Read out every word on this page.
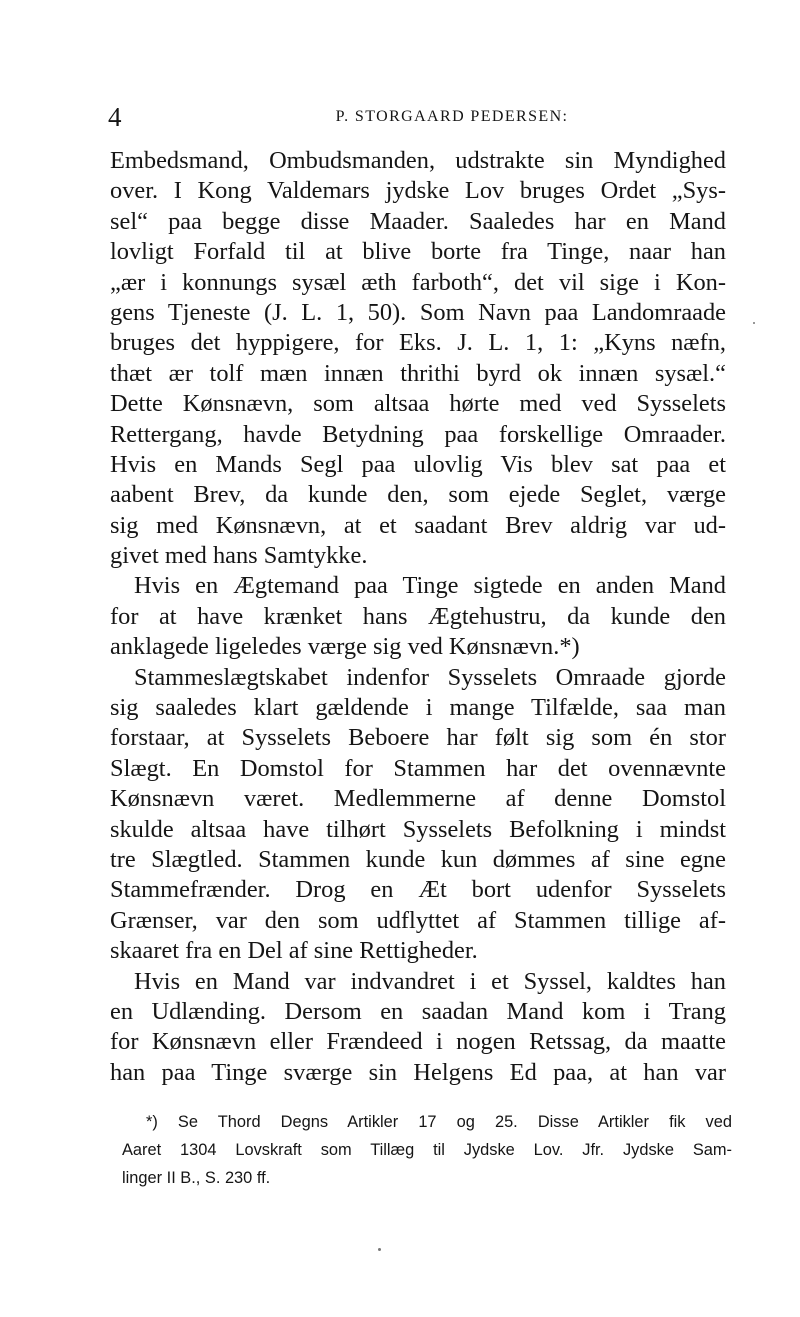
4	P. STORGAARD PEDERSEN:
Embedsmand, Ombudsmanden, udstrakte sin Myndighed
over. I Kong Valdemars jydske Lov bruges Ordet „Sys-
sel“ paa begge disse Maader. Saaledes har en Mand
lovligt Forfald til at blive borte fra Tinge, naar han
„ær i konnungs sysæl æth farboth“, det vil sige i Kon-
gens Tjeneste (J. L. 1, 50). Som Navn paa Landomraade
bruges det hyppigere, for Eks. J. L. 1, 1: „Kyns næfn,
thæt ær tolf mæn innæn thrithi byrd ok innæn sysæl.“
Dette Kønsnævn, som altsaa hørte med ved Sysselets
Rettergang, havde Betydning paa forskellige Omraader.
Hvis en Mands Segl paa ulovlig Vis blev sat paa et
aabent Brev, da kunde den, som ejede Seglet, værge
sig med Kønsnævn, at et saadant Brev aldrig var ud-
givet med hans Samtykke.
Hvis en Ægtemand paa Tinge sigtede en anden Mand
for at have krænket hans Ægtehustru, da kunde den
anklagede ligeledes værge sig ved Kønsnævn.*)
Stammeslægtskabet indenfor Sysselets Omraade gjorde
sig saaledes klart gældende i mange Tilfælde, saa man
forstaar, at Sysselets Beboere har følt sig som én stor
Slægt. En Domstol for Stammen har det ovennævnte
Kønsnævn været. Medlemmerne af denne Domstol
skulde altsaa have tilhørt Sysselets Befolkning i mindst
tre Slægtled. Stammen kunde kun dømmes af sine egne
Stammefrænder. Drog en Æt bort udenfor Sysselets
Grænser, var den som udflyttet af Stammen tillige af-
skaaret fra en Del af sine Rettigheder.
Hvis en Mand var indvandret i et Syssel, kaldtes han
en Udlænding. Dersom en saadan Mand kom i Trang
for Kønsnævn eller Frændeed i nogen Retssag, da maatte
han paa Tinge sværge sin Helgens Ed paa, at han var
*) Se Thord Degns Artikler 17 og 25. Disse Artikler fik ved
Aaret 1304 Lovskraft som Tillæg til Jydske Lov. Jfr. Jydske Sam-
linger II B., S. 230 ff.
